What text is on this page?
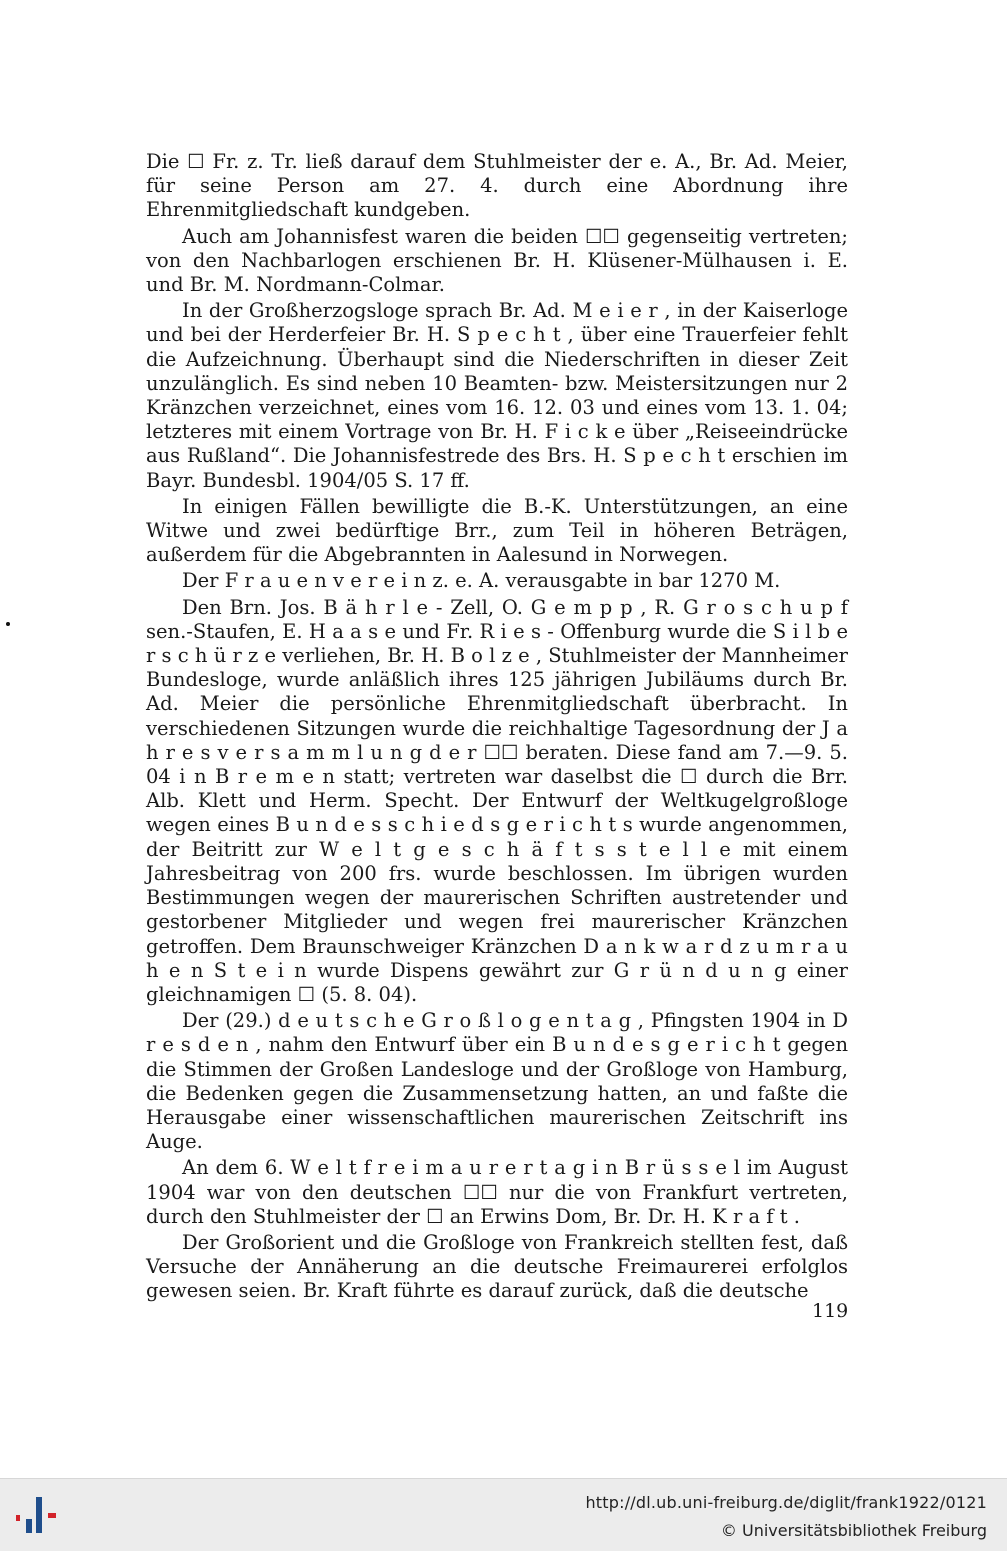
Die ☐ Fr. z. Tr. ließ darauf dem Stuhlmeister der e. A., Br. Ad. Meier, für seine Person am 27. 4. durch eine Abordnung ihre Ehrenmitgliedschaft kundgeben.

Auch am Johannisfest waren die beiden ☐☐ gegenseitig vertreten; von den Nachbarlogen erschienen Br. H. Klüsener-Mülhausen i. E. und Br. M. Nordmann-Colmar.

In der Großherzogsloge sprach Br. Ad. M e i e r , in der Kaiserloge und bei der Herderfeier Br. H. S p e c h t , über eine Trauerfeier fehlt die Aufzeichnung. Überhaupt sind die Niederschriften in dieser Zeit unzulänglich. Es sind neben 10 Beamten- bzw. Meistersitzungen nur 2 Kränzchen verzeichnet, eines vom 16. 12. 03 und eines vom 13. 1. 04; letzteres mit einem Vortrage von Br. H. F i c k e über „Reiseeindrücke aus Rußland“. Die Johannisfestrede des Brs. H. S p e c h t erschien im Bayr. Bundesbl. 1904/05 S. 17 ff.

In einigen Fällen bewilligte die B.-K. Unterstützungen, an eine Witwe und zwei bedürftige Brr., zum Teil in höheren Beträgen, außerdem für die Abgebrannten in Aalesund in Norwegen.

Der F r a u e n v e r e i n z. e. A. verausgabte in bar 1270 M.

Den Brn. Jos. B ä h r l e - Zell, O. G e m p p , R. G r o s c h u p f sen.-Staufen, E. H a a s e und Fr. R i e s - Offenburg wurde die S i l b e r s c h ü r z e verliehen, Br. H. B o l z e , Stuhlmeister der Mannheimer Bundesloge, wurde anläßlich ihres 125 jährigen Jubiläums durch Br. Ad. Meier die persönliche Ehrenmitgliedschaft überbracht. In verschiedenen Sitzungen wurde die reichhaltige Tagesordnung der J a h r e s v e r s a m m l u n g d e r ☐☐ beraten. Diese fand am 7.—9. 5. 04 i n B r e m e n statt; vertreten war daselbst die ☐ durch die Brr. Alb. Klett und Herm. Specht. Der Entwurf der Weltkugelgroßloge wegen eines B u n d e s s c h i e d s g e r i c h t s wurde angenommen, der Beitritt zur W e l t g e s c h ä f t s s t e l l e mit einem Jahresbeitrag von 200 frs. wurde beschlossen. Im übrigen wurden Bestimmungen wegen der maurerischen Schriften austretender und gestorbener Mitglieder und wegen frei maurerischer Kränzchen getroffen. Dem Braunschweiger Kränzchen D a n k w a r d z u m r a u h e n S t e i n wurde Dispens gewährt zur G r ü n d u n g einer gleichnamigen ☐ (5. 8. 04).

Der (29.) d e u t s c h e G r o ß l o g e n t a g , Pfingsten 1904 in D r e s d e n , nahm den Entwurf über ein B u n d e s g e r i c h t gegen die Stimmen der Großen Landesloge und der Großloge von Hamburg, die Bedenken gegen die Zusammensetzung hatten, an und faßte die Herausgabe einer wissenschaftlichen maurerischen Zeitschrift ins Auge.

An dem 6. W e l t f r e i m a u r e r t a g i n B r ü s s e l im August 1904 war von den deutschen ☐☐ nur die von Frankfurt vertreten, durch den Stuhlmeister der ☐ an Erwins Dom, Br. Dr. H. K r a f t .

Der Großorient und die Großloge von Frankreich stellten fest, daß Versuche der Annäherung an die deutsche Freimaurerei erfolglos gewesen seien. Br. Kraft führte es darauf zurück, daß die deutsche

119
http://dl.ub.uni-freiburg.de/diglit/frank1922/0121
© Universitätsbibliothek Freiburg
